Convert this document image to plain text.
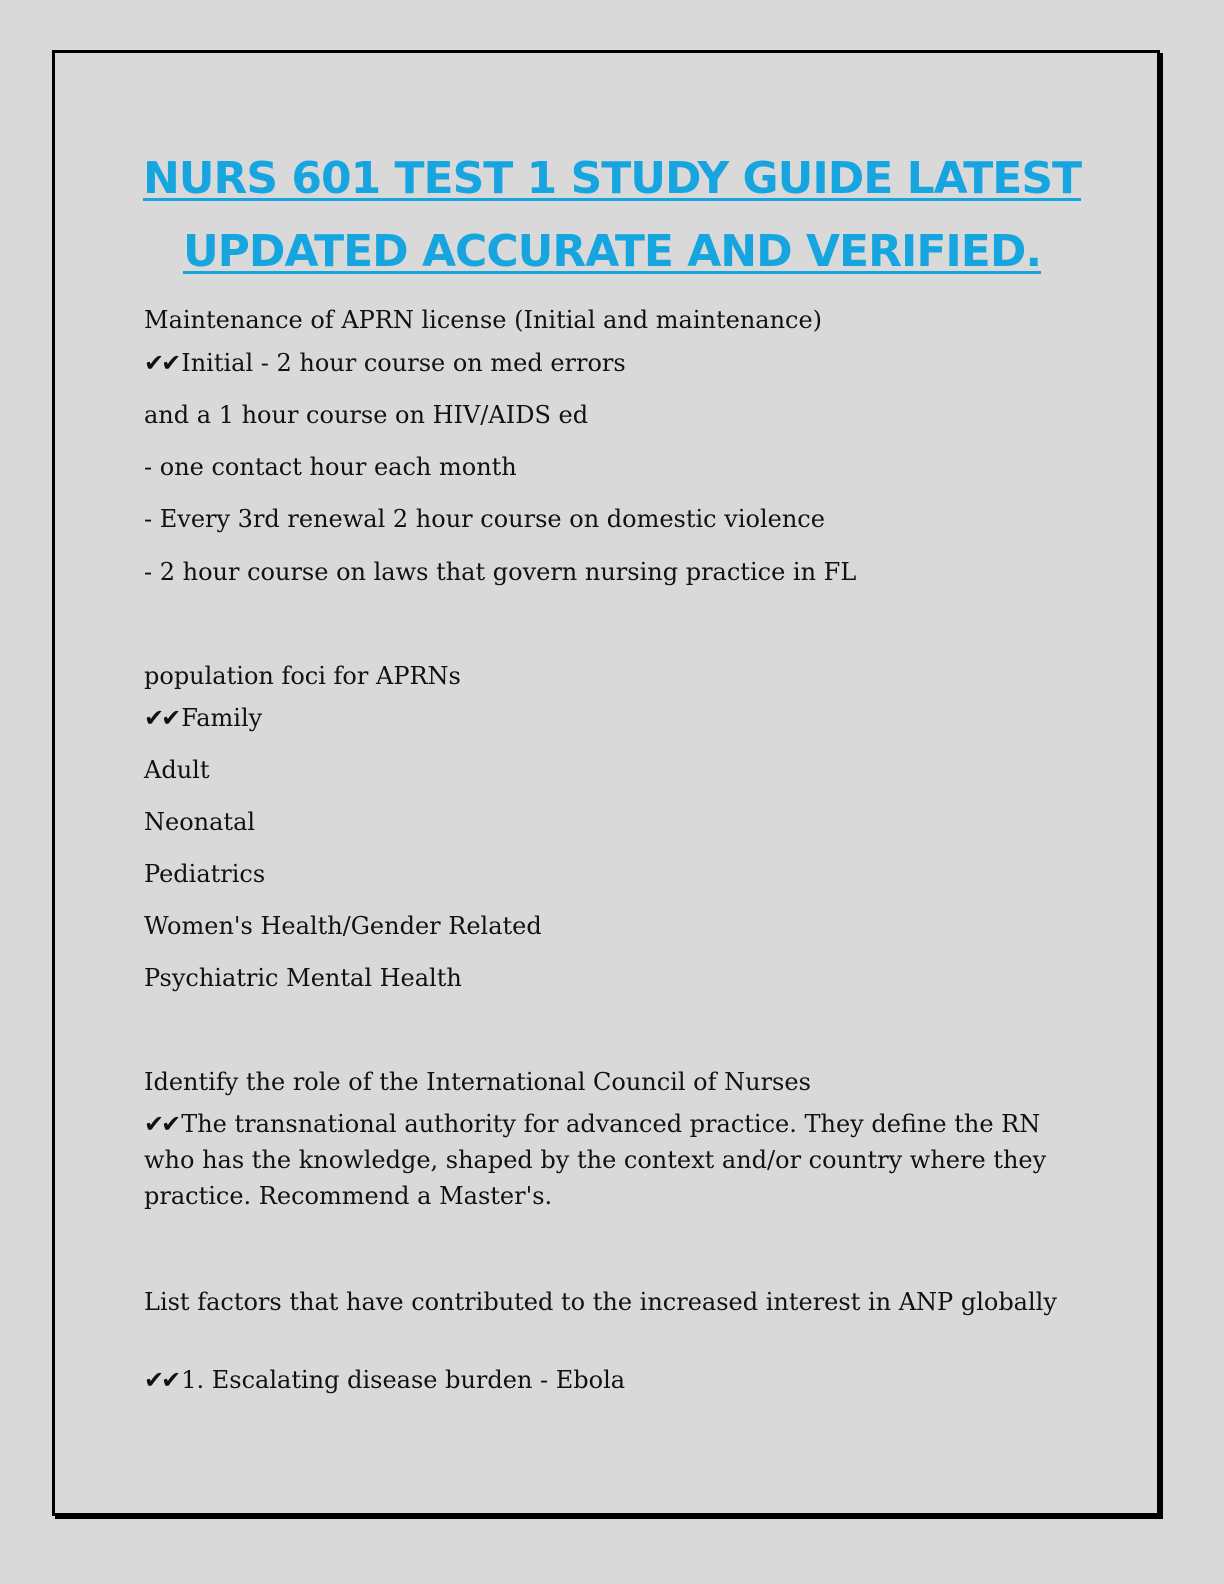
NURS 601 TEST 1 STUDY GUIDE LATEST
UPDATED ACCURATE AND VERIFIED.
Maintenance of APRN license (Initial and maintenance)
✔✔ Initial - 2 hour course on med errors
and a 1 hour course on HIV/AIDS ed
- one contact hour each month
- Every 3rd renewal 2 hour course on domestic violence
- 2 hour course on laws that govern nursing practice in FL
population foci for APRNs
✔✔ Family
Adult
Neonatal
Pediatrics
Women's Health/Gender Related
Psychiatric Mental Health
Identify the role of the International Council of Nurses
✔✔ The transnational authority for advanced practice. They define the RN who has the knowledge, shaped by the context and/or country where they practice. Recommend a Master's.
List factors that have contributed to the increased interest in ANP globally
✔✔ 1. Escalating disease burden - Ebola
